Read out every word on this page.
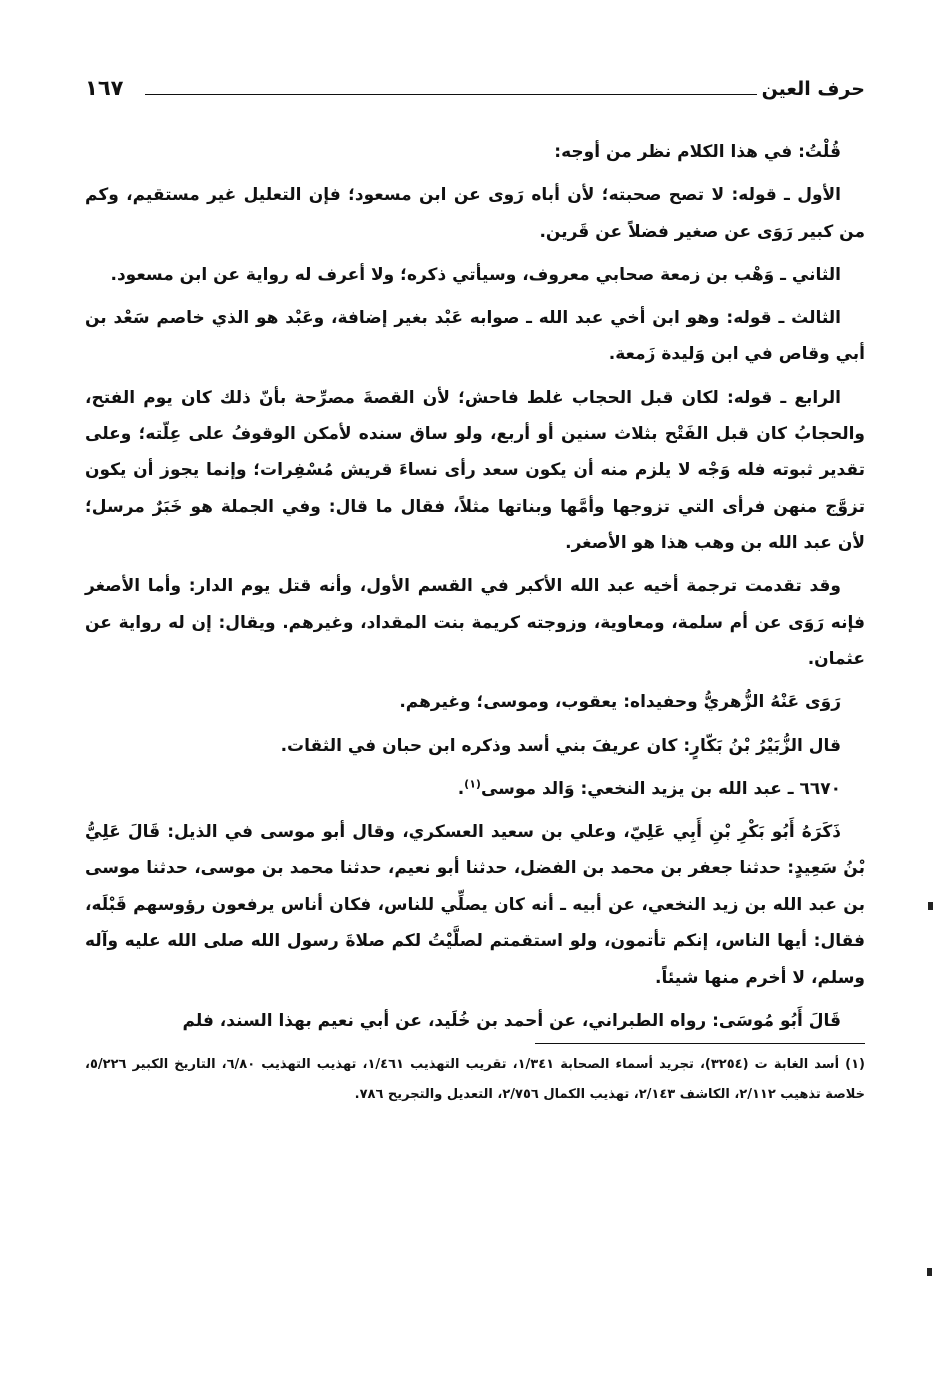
حرف العين
١٦٧

قُلْتُ: في هذا الكلام نظر من أوجه:

الأول ـ قوله: لا تصح صحبته؛ لأن أباه رَوى عن ابن مسعود؛ فإن التعليل غير مستقيم، وكم من كبير رَوَى عن صغير فضلاً عن قَرين.

الثاني ـ وَهْب بن زمعة صحابي معروف، وسيأتي ذكره؛ ولا أعرف له رواية عن ابن مسعود.

الثالث ـ قوله: وهو ابن أخي عبد الله ـ صوابه عَبْد بغير إضافة، وعَبْد هو الذي خاصم سَعْد بن أبي وقاص في ابن وَليدة زَمعة.

الرابع ـ قوله: لكان قبل الحجاب غلط فاحش؛ لأن القصةَ مصرِّحة بأنّ ذلك كان يوم الفتح، والحجابُ كان قبل الفَتْح بثلاث سنين أو أربع، ولو ساق سنده لأمكن الوقوفُ على عِلّته؛ وعلى تقدير ثبوته فله وَجْه لا يلزم منه أن يكون سعد رأى نساءَ قريش مُسْفِرات؛ وإنما يجوز أن يكون تزوَّج منهن فرأى التي تزوجها وأمَّها وبناتها مثلاً، فقال ما قال: وفي الجملة هو خَبَرٌ مرسل؛ لأن عبد الله بن وهب هذا هو الأصغر.

وقد تقدمت ترجمة أخيه عبد الله الأكبر في القسم الأول، وأنه قتل يوم الدار: وأما الأصغر فإنه رَوَى عن أم سلمة، ومعاوية، وزوجته كريمة بنت المقداد، وغيرهم. ويقال: إن له رواية عن عثمان.

رَوَى عَنْهُ الزُّهريُّ وحفيداه: يعقوب، وموسى؛ وغيرهم.

قال الزُّبَيْرُ بْنُ بَكّارٍ: كان عريفَ بني أسد وذكره ابن حبان في الثقات.

٦٦٧٠ ـ عبد الله بن يزيد النخعي: وَالد موسى$^{(١)}$.

ذَكَرَهُ أَبُو بَكْرِ بْنِ أَبِي عَلِيّ، وعلي بن سعيد العسكري، وقال أبو موسى في الذيل: قَالَ عَلِيُّ بْنُ سَعِيدٍ: حدثنا جعفر بن محمد بن الفضل، حدثنا أبو نعيم، حدثنا محمد بن موسى، حدثنا موسى بن عبد الله بن زيد النخعي، عن أبيه ـ أنه كان يصلِّي للناس، فكان أناس يرفعون رؤوسهم قَبْلَه، فقال: أيها الناس، إنكم تأتمون، ولو استقمتم لصلَّيْتُ لكم صلاةَ رسول الله صلى الله عليه وآله وسلم، لا أخرم منها شيئاً.

قَالَ أَبُو مُوسَى: رواه الطبراني، عن أحمد بن خُلَيد، عن أبي نعيم بهذا السند، فلم

(١) أسد الغابة ت (٣٢٥٤)، تجريد أسماء الصحابة ١/٣٤١، تقريب التهذيب ١/٤٦١، تهذيب التهذيب ٦/٨٠، التاريخ الكبير ٥/٢٢٦، خلاصة تذهيب ٢/١١٢، الكاشف ٢/١٤٣، تهذيب الكمال ٢/٧٥٦، التعديل والتجريح ٧٨٦.
